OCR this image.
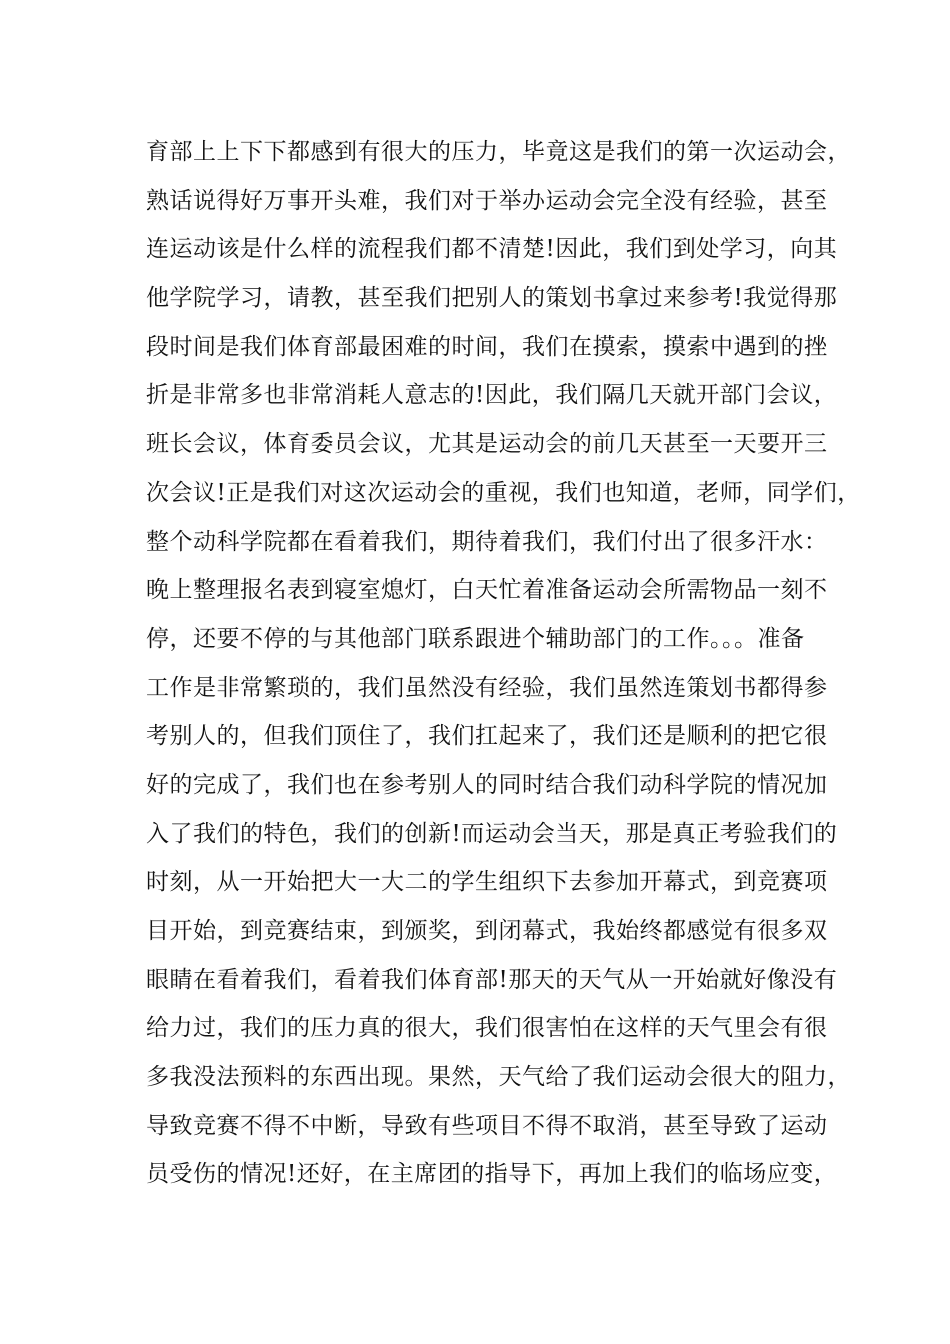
育部上上下下都感到有很大的压力，毕竟这是我们的第一次运动会，
熟话说得好万事开头难，我们对于举办运动会完全没有经验，甚至
连运动该是什么样的流程我们都不清楚!因此，我们到处学习，向其
他学院学习，请教，甚至我们把别人的策划书拿过来参考!我觉得那
段时间是我们体育部最困难的时间，我们在摸索，摸索中遇到的挫
折是非常多也非常消耗人意志的!因此，我们隔几天就开部门会议，
班长会议，体育委员会议，尤其是运动会的前几天甚至一天要开三
次会议!正是我们对这次运动会的重视，我们也知道，老师，同学们，
整个动科学院都在看着我们，期待着我们，我们付出了很多汗水：
晚上整理报名表到寝室熄灯，白天忙着准备运动会所需物品一刻不
停，还要不停的与其他部门联系跟进个辅助部门的工作。。。准备
工作是非常繁琐的，我们虽然没有经验，我们虽然连策划书都得参
考别人的，但我们顶住了，我们扛起来了，我们还是顺利的把它很
好的完成了，我们也在参考别人的同时结合我们动科学院的情况加
入了我们的特色，我们的创新!而运动会当天，那是真正考验我们的
时刻，从一开始把大一大二的学生组织下去参加开幕式，到竞赛项
目开始，到竞赛结束，到颁奖，到闭幕式，我始终都感觉有很多双
眼睛在看着我们，看着我们体育部!那天的天气从一开始就好像没有
给力过，我们的压力真的很大，我们很害怕在这样的天气里会有很
多我没法预料的东西出现。果然，天气给了我们运动会很大的阻力，
导致竞赛不得不中断，导致有些项目不得不取消，甚至导致了运动
员受伤的情况!还好，在主席团的指导下，再加上我们的临场应变，
